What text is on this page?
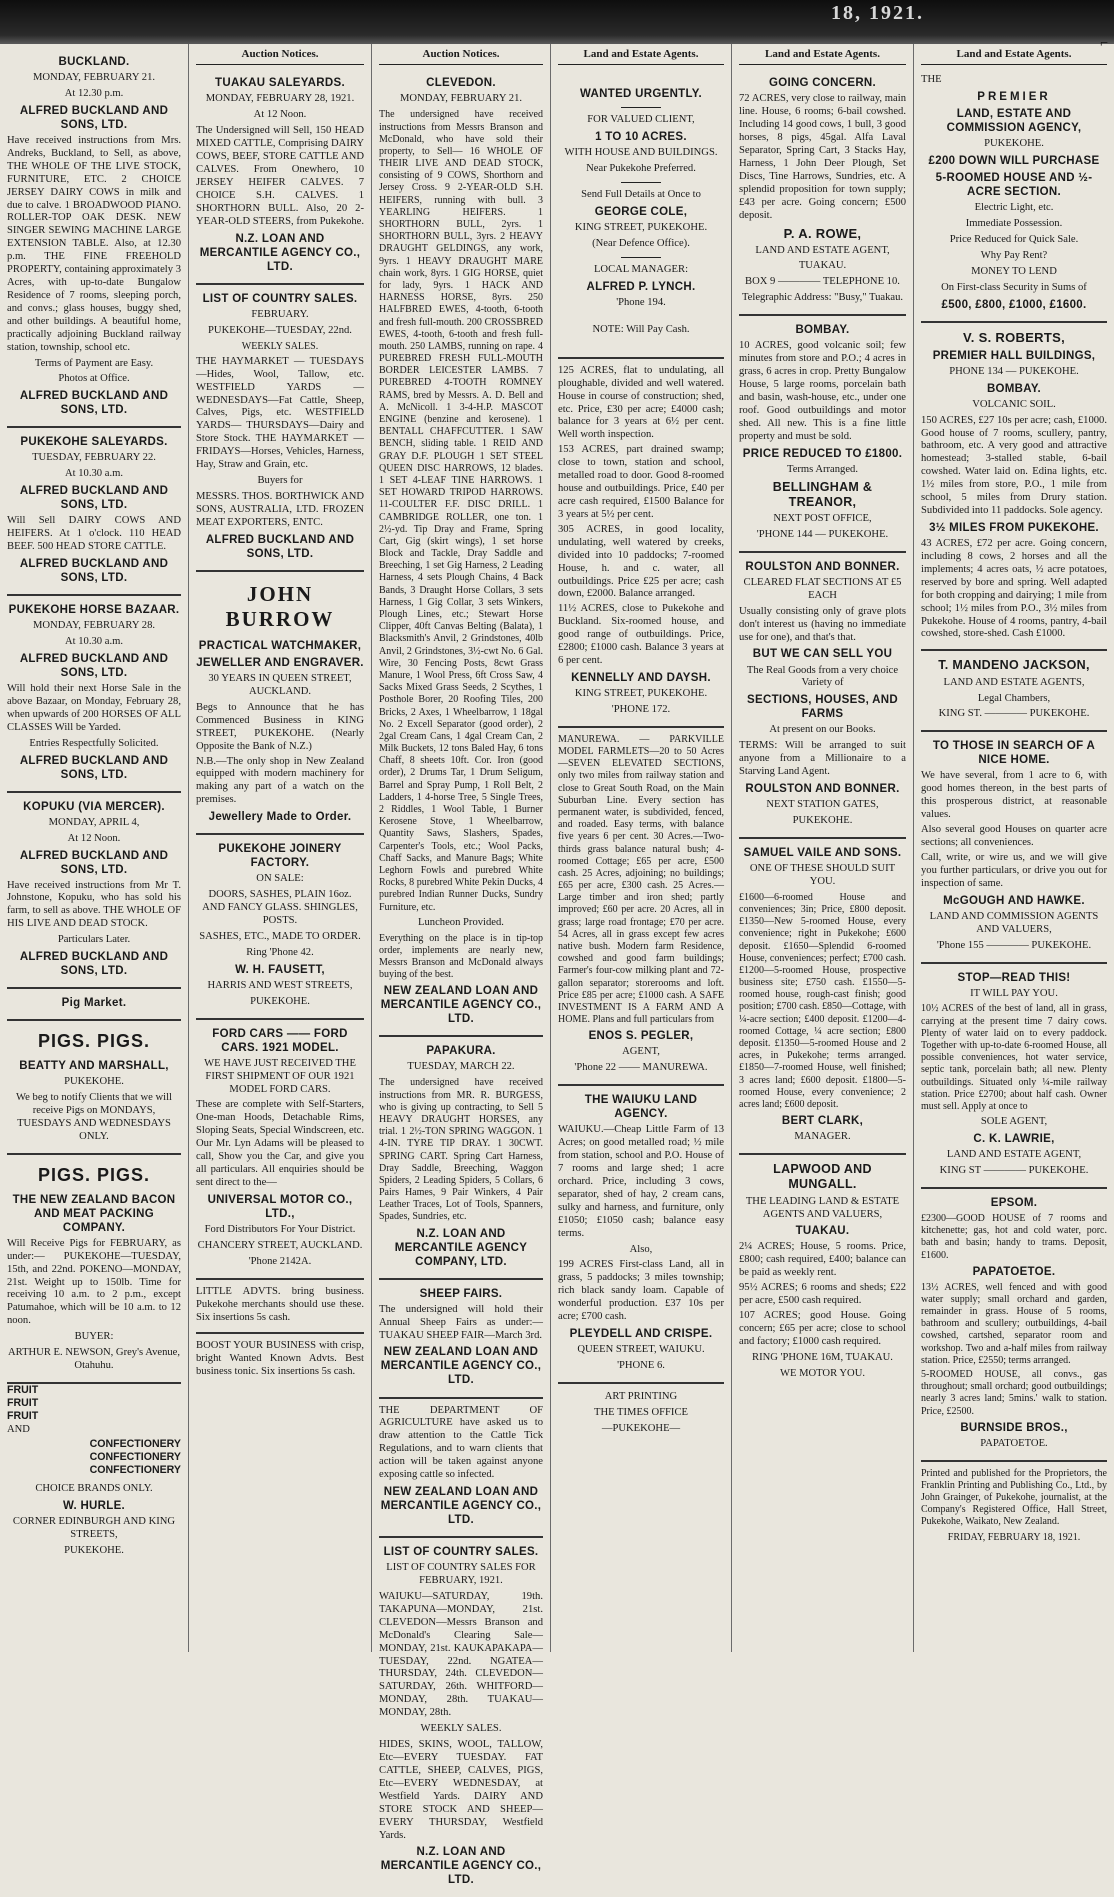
18, 1921.
BUCKLAND.
MONDAY, FEBRUARY 21.
At 12.30 p.m.
ALFRED BUCKLAND AND SONS, LTD.

Have received instructions from Mrs. Andreks, Buckland, to Sell, as above, THE WHOLE OF THE LIVE STOCK, FURNITURE, ETC. 2 CHOICE JERSEY DAIRY COWS in milk and due to calve. 1 BROADWOOD PIANO. ROLLER-TOP OAK DESK. NEW SINGER SEWING MACHINE LARGE EXTENSION TABLE. Also, at 12.30 p.m. THE FINE FREEHOLD PROPERTY, containing approximately 3 Acres, with up-to-date Bungalow Residence of 7 rooms, sleeping porch, and convs.; glass houses, buggy shed, and other buildings. A beautiful home, practically adjoining Buckland railway station, township, school etc.

Terms of Payment are Easy.
Photos at Office.
ALFRED BUCKLAND AND SONS, LTD.
PUKEKOHE SALEYARDS.
TUESDAY, FEBRUARY 22.
At 10.30 a.m.
ALFRED BUCKLAND AND SONS, LTD.

Will Sell DAIRY COWS AND HEIFERS. At 1 o'clock. 110 HEAD BEEF. 500 HEAD STORE CATTLE.

ALFRED BUCKLAND AND SONS, LTD.
PUKEKOHE HORSE BAZAAR.
MONDAY, FEBRUARY 28.
At 10.30 a.m.
ALFRED BUCKLAND AND SONS, LTD.

Will hold their next Horse Sale in the above Bazaar, on Monday, February 28, when upwards of 200 HORSES OF ALL CLASSES Will be Yarded.

Entries Respectfully Solicited.
ALFRED BUCKLAND AND SONS, LTD.
KOPUKU (VIA MERCER).
MONDAY, APRIL 4,
At 12 Noon.
ALFRED BUCKLAND AND SONS, LTD.

Have received instructions from Mr T. Johnstone, Kopuku, who has sold his farm, to sell as above. THE WHOLE OF HIS LIVE AND DEAD STOCK.

Particulars Later.
ALFRED BUCKLAND AND SONS, LTD.
Pig Market.
PIGS. PIGS.
BEATTY AND MARSHALL,
PUKEKOHE.

We beg to notify Clients that we will receive Pigs on MONDAYS, TUESDAYS AND WEDNESDAYS ONLY.

PIGS. PIGS.
THE NEW ZEALAND BACON AND MEAT PACKING COMPANY.

Will Receive Pigs for FEBRUARY, as under:— PUKEKOHE—TUESDAY, 15th, and 22nd. POKENO—MONDAY, 21st. Weight up to 150lb. Time for receiving 10 a.m. to 2 p.m., except Patumahoe, which will be 10 a.m. to 12 noon.

BUYER:
ARTHUR E. NEWSON, Grey's Avenue, Otahuhu.
FRUIT
FRUIT
FRUIT
AND
CONFECTIONERY
CONFECTIONERY
CONFECTIONERY
CHOICE BRANDS ONLY.
W. HURLE.
CORNER EDINBURGH AND KING STREETS,
PUKEKOHE.
Auction Notices.
TUAKAU SALEYARDS.
MONDAY, FEBRUARY 28, 1921.
At 12 Noon.

The Undersigned will Sell, 150 HEAD MIXED CATTLE, Comprising DAIRY COWS, BEEF, STORE CATTLE AND CALVES. From Onewhero, 10 JERSEY HEIFER CALVES. 7 CHOICE S.H. CALVES. 1 SHORTHORN BULL. Also, 20 2-YEAR-OLD STEERS, from Pukekohe.

N.Z. LOAN AND MERCANTILE AGENCY CO., LTD.
LIST OF COUNTRY SALES.
FEBRUARY.
PUKEKOHE—TUESDAY, 22nd.
WEEKLY SALES.

THE HAYMARKET — TUESDAYS—Hides, Wool, Tallow, etc. WESTFIELD YARDS — WEDNESDAYS—Fat Cattle, Sheep, Calves, Pigs, etc. WESTFIELD YARDS— THURSDAYS—Dairy and Store Stock. THE HAYMARKET — FRIDAYS—Horses, Vehicles, Harness, Hay, Straw and Grain, etc.

Buyers for

MESSRS. THOS. BORTHWICK AND SONS, AUSTRALIA, LTD. FROZEN MEAT EXPORTERS, ENTC.

ALFRED BUCKLAND AND SONS, LTD.
JOHN BURROW
PRACTICAL WATCHMAKER,
JEWELLER AND ENGRAVER.
30 YEARS IN QUEEN STREET, AUCKLAND.

Begs to Announce that he has Commenced Business in KING STREET, PUKEKOHE. (Nearly Opposite the Bank of N.Z.)

N.B.—The only shop in New Zealand equipped with modern machinery for making any part of a watch on the premises.

Jewellery Made to Order.
PUKEKOHE JOINERY FACTORY.
ON SALE:
DOORS, SASHES, PLAIN 16oz. AND FANCY GLASS. SHINGLES, POSTS.
SASHES, ETC., MADE TO ORDER.
Ring 'Phone 42.
W. H. FAUSETT,
HARRIS AND WEST STREETS,
PUKEKOHE.
FORD CARS —— FORD CARS. 1921 MODEL.
WE HAVE JUST RECEIVED THE FIRST SHIPMENT OF OUR 1921 MODEL FORD CARS.

These are complete with Self-Starters, One-man Hoods, Detachable Rims, Sloping Seats, Special Windscreen, etc. Our Mr. Lyn Adams will be pleased to call, Show you the Car, and give you all particulars. All enquiries should be sent direct to the—

UNIVERSAL MOTOR CO., LTD.,
Ford Distributors For Your District.
CHANCERY STREET, AUCKLAND.
'Phone 2142A.

LITTLE ADVTS. bring business. Pukekohe merchants should use these. Six insertions 5s cash.

BOOST YOUR BUSINESS with crisp, bright Wanted Known Advts. Best business tonic. Six insertions 5s cash.

Auction Notices.
CLEVEDON.
MONDAY, FEBRUARY 21.

The undersigned have received instructions from Messrs Branson and McDonald, who have sold their property, to Sell— 16 WHOLE OF THEIR LIVE AND DEAD STOCK, consisting of 9 COWS, Shorthorn and Jersey Cross. 9 2-YEAR-OLD S.H. HEIFERS, running with bull. 3 YEARLING HEIFERS. 1 SHORTHORN BULL, 2yrs. 1 SHORTHORN BULL, 3yrs. 2 HEAVY DRAUGHT GELDINGS, any work, 9yrs. 1 HEAVY DRAUGHT MARE chain work, 8yrs. 1 GIG HORSE, quiet for lady, 9yrs. 1 HACK AND HARNESS HORSE, 8yrs. 250 HALFBRED EWES, 4-tooth, 6-tooth and fresh full-mouth. 200 CROSSBRED EWES, 4-tooth, 6-tooth and fresh full-mouth. 250 LAMBS, running on rape. 4 PUREBRED FRESH FULL-MOUTH BORDER LEICESTER LAMBS. 7 PUREBRED 4-TOOTH ROMNEY RAMS, bred by Messrs. A. D. Bell and A. McNicoll. 1 3-4-H.P. MASCOT ENGINE (benzine and kerosene). 1 BENTALL CHAFFCUTTER. 1 SAW BENCH, sliding table. 1 REID AND GRAY D.F. PLOUGH 1 SET STEEL QUEEN DISC HARROWS, 12 blades. 1 SET 4-LEAF TINE HARROWS. 1 SET HOWARD TRIPOD HARROWS. 11-COULTER F.F. DISC DRILL. 1 CAMBRIDGE ROLLER, one ton. 1 2½-yd. Tip Dray and Frame, Spring Cart, Gig (skirt wings), 1 set horse Block and Tackle, Dray Saddle and Breeching, 1 set Gig Harness, 2 Leading Harness, 4 sets Plough Chains, 4 Back Bands, 3 Draught Horse Collars, 3 sets Harness, 1 Gig Collar, 3 sets Winkers, Plough Lines, etc.; Stewart Horse Clipper, 40ft Canvas Belting (Balata), 1 Blacksmith's Anvil, 2 Grindstones, 40lb Anvil, 2 Grindstones, 3½-cwt No. 6 Gal. Wire, 30 Fencing Posts, 8cwt Grass Manure, 1 Wool Press, 6ft Cross Saw, 4 Sacks Mixed Grass Seeds, 2 Scythes, 1 Posthole Borer, 20 Roofing Tiles, 200 Bricks, 2 Axes, 1 Wheelbarrow, 1 18gal No. 2 Excell Separator (good order), 2 2gal Cream Cans, 1 4gal Cream Can, 2 Milk Buckets, 12 tons Baled Hay, 6 tons Chaff, 8 sheets 10ft. Cor. Iron (good order), 2 Drums Tar, 1 Drum Seligum, Barrel and Spray Pump, 1 Roll Belt, 2 Ladders, 1 4-horse Tree, 5 Single Trees, 2 Riddles, 1 Wool Table, 1 Burner Kerosene Stove, 1 Wheelbarrow, Quantity Saws, Slashers, Spades, Carpenter's Tools, etc.; Wool Packs, Chaff Sacks, and Manure Bags; White Leghorn Fowls and purebred White Rocks, 8 purebred White Pekin Ducks, 4 purebred Indian Runner Ducks, Sundry Furniture, etc.

Luncheon Provided.

Everything on the place is in tip-top order, implements are nearly new, Messrs Branson and McDonald always buying of the best.

NEW ZEALAND LOAN AND MERCANTILE AGENCY CO., LTD.
PAPAKURA.
TUESDAY, MARCH 22.

The undersigned have received instructions from MR. R. BURGESS, who is giving up contracting, to Sell 5 HEAVY DRAUGHT HORSES, any trial. 1 2½-TON SPRING WAGGON. 1 4-IN. TYRE TIP DRAY. 1 30CWT. SPRING CART. Spring Cart Harness, Dray Saddle, Breeching, Waggon Spiders, 2 Leading Spiders, 5 Collars, 6 Pairs Hames, 9 Pair Winkers, 4 Pair Leather Traces, Lot of Tools, Spanners, Spades, Sundries, etc.

N.Z. LOAN AND MERCANTILE AGENCY COMPANY, LTD.
SHEEP FAIRS.

The undersigned will hold their Annual Sheep Fairs as under:— TUAKAU SHEEP FAIR—March 3rd.

NEW ZEALAND LOAN AND MERCANTILE AGENCY CO., LTD.

THE DEPARTMENT OF AGRICULTURE have asked us to draw attention to the Cattle Tick Regulations, and to warn clients that action will be taken against anyone exposing cattle so infected.

NEW ZEALAND LOAN AND MERCANTILE AGENCY CO., LTD.
LIST OF COUNTRY SALES.
LIST OF COUNTRY SALES FOR FEBRUARY, 1921.

WAIUKU—SATURDAY, 19th. TAKAPUNA—MONDAY, 21st. CLEVEDON—Messrs Branson and McDonald's Clearing Sale—MONDAY, 21st. KAUKAPAKAPA—TUESDAY, 22nd. NGATEA—THURSDAY, 24th. CLEVEDON—SATURDAY, 26th. WHITFORD—MONDAY, 28th. TUAKAU—MONDAY, 28th.

WEEKLY SALES.

HIDES, SKINS, WOOL, TALLOW, Etc—EVERY TUESDAY. FAT CATTLE, SHEEP, CALVES, PIGS, Etc—EVERY WEDNESDAY, at Westfield Yards. DAIRY AND STORE STOCK AND SHEEP—EVERY THURSDAY, Westfield Yards.

N.Z. LOAN AND MERCANTILE AGENCY CO., LTD.
Land and Estate Agents.
WANTED URGENTLY.
FOR VALUED CLIENT,
1 TO 10 ACRES.
WITH HOUSE AND BUILDINGS.
Near Pukekohe Preferred.
Send Full Details at Once to
GEORGE COLE,
KING STREET, PUKEKOHE.
(Near Defence Office).
LOCAL MANAGER:
ALFRED P. LYNCH.
'Phone 194.
NOTE: Will Pay Cash.

125 ACRES, flat to undulating, all ploughable, divided and well watered. House in course of construction; shed, etc. Price, £30 per acre; £4000 cash; balance for 3 years at 6½ per cent. Well worth inspection.

153 ACRES, part drained swamp; close to town, station and school, metalled road to door. Good 8-roomed house and outbuildings. Price, £40 per acre cash required, £1500 Balance for 3 years at 5½ per cent.

305 ACRES, in good locality, undulating, well watered by creeks, divided into 10 paddocks; 7-roomed House, h. and c. water, all outbuildings. Price £25 per acre; cash down, £2000. Balance arranged.

11½ ACRES, close to Pukekohe and Buckland. Six-roomed house, and good range of outbuildings. Price, £2800; £1000 cash. Balance 3 years at 6 per cent.

KENNELLY AND DAYSH.
KING STREET, PUKEKOHE.
'PHONE 172.

MANUREWA. — PARKVILLE MODEL FARMLETS—20 to 50 Acres —SEVEN ELEVATED SECTIONS, only two miles from railway station and close to Great South Road, on the Main Suburban Line. Every section has permanent water, is subdivided, fenced, and roaded. Easy terms, with balance five years 6 per cent. 30 Acres.—Two-thirds grass balance natural bush; 4-roomed Cottage; £65 per acre, £500 cash. 25 Acres, adjoining; no buildings; £65 per acre, £300 cash. 25 Acres.—Large timber and iron shed; partly improved; £60 per acre. 20 Acres, all in grass; large road frontage; £70 per acre. 54 Acres, all in grass except few acres native bush. Modern farm Residence, cowshed and good farm buildings; Farmer's four-cow milking plant and 72-gallon separator; storerooms and loft. Price £85 per acre; £1000 cash. A SAFE INVESTMENT IS A FARM AND A HOME. Plans and full particulars from

ENOS S. PEGLER,
AGENT,
'Phone 22 —— MANUREWA.
THE WAIUKU LAND AGENCY.

WAIUKU.—Cheap Little Farm of 13 Acres; on good metalled road; ½ mile from station, school and P.O. House of 7 rooms and large shed; 1 acre orchard. Price, including 3 cows, separator, shed of hay, 2 cream cans, sulky and harness, and furniture, only £1050; £1050 cash; balance easy terms.

Also,

199 ACRES First-class Land, all in grass, 5 paddocks; 3 miles township; rich black sandy loam. Capable of wonderful production. £37 10s per acre; £700 cash.

PLEYDELL AND CRISPE.
QUEEN STREET, WAIUKU.
'PHONE 6.
ART PRINTING
THE TIMES OFFICE
—PUKEKOHE—
Land and Estate Agents.
GOING CONCERN.

72 ACRES, very close to railway, main line. House, 6 rooms; 6-bail cowshed. Including 14 good cows, 1 bull, 3 good horses, 8 pigs, 45gal. Alfa Laval Separator, Spring Cart, 3 Stacks Hay, Harness, 1 John Deer Plough, Set Discs, Tine Harrows, Sundries, etc. A splendid proposition for town supply; £43 per acre. Going concern; £500 deposit.

P. A. ROWE,
LAND AND ESTATE AGENT,
TUAKAU.
BOX 9 ———— TELEPHONE 10.
Telegraphic Address: "Busy," Tuakau.
BOMBAY.

10 ACRES, good volcanic soil; few minutes from store and P.O.; 4 acres in grass, 6 acres in crop. Pretty Bungalow House, 5 large rooms, porcelain bath and basin, wash-house, etc., under one roof. Good outbuildings and motor shed. All new. This is a fine little property and must be sold.

PRICE REDUCED TO £1800.
Terms Arranged.
BELLINGHAM & TREANOR,
NEXT POST OFFICE,
'PHONE 144 — PUKEKOHE.
ROULSTON AND BONNER.
CLEARED FLAT SECTIONS AT £5 EACH

Usually consisting only of grave plots don't interest us (having no immediate use for one), and that's that.

BUT WE CAN SELL YOU
The Real Goods from a very choice Variety of
SECTIONS, HOUSES, AND FARMS
At present on our Books.

TERMS: Will be arranged to suit anyone from a Millionaire to a Starving Land Agent.

ROULSTON AND BONNER.
NEXT STATION GATES,
PUKEKOHE.
SAMUEL VAILE AND SONS.
ONE OF THESE SHOULD SUIT YOU.

£1600—6-roomed House and conveniences; 3in; Price, £800 deposit. £1350—New 5-roomed House, every convenience; right in Pukekohe; £600 deposit. £1650—Splendid 6-roomed House, conveniences; perfect; £700 cash. £1200—5-roomed House, prospective business site; £750 cash. £1550—5-roomed house, rough-cast finish; good position; £700 cash. £850—Cottage, with ¼-acre section; £400 deposit. £1200—4-roomed Cottage, ¼ acre section; £800 deposit. £1350—5-roomed House and 2 acres, in Pukekohe; terms arranged. £1850—7-roomed House, well finished; 3 acres land; £600 deposit. £1800—5-roomed House, every convenience; 2 acres land; £600 deposit.

BERT CLARK,
MANAGER.
LAPWOOD AND MUNGALL.
THE LEADING LAND & ESTATE AGENTS AND VALUERS,
TUAKAU.

2¼ ACRES; House, 5 rooms. Price, £800; cash required, £400; balance can be paid as weekly rent.

95½ ACRES; 6 rooms and sheds; £22 per acre, £500 cash required.

107 ACRES; good House. Going concern; £65 per acre; close to school and factory; £1000 cash required.

RING 'PHONE 16M, TUAKAU.
WE MOTOR YOU.
Land and Estate Agents.
THE
PREMIER
LAND, ESTATE AND COMMISSION AGENCY,
PUKEKOHE.
£200 DOWN WILL PURCHASE
5-ROOMED HOUSE AND ½-ACRE SECTION.
Electric Light, etc.
Immediate Possession.
Price Reduced for Quick Sale.
Why Pay Rent?
MONEY TO LEND
On First-class Security in Sums of
£500, £800, £1000, £1600.
V. S. ROBERTS,
PREMIER HALL BUILDINGS,
PHONE 134 — PUKEKOHE.
BOMBAY.
VOLCANIC SOIL.

150 ACRES, £27 10s per acre; cash, £1000. Good house of 7 rooms, scullery, pantry, bathroom, etc. A very good and attractive homestead; 3-stalled stable, 6-bail cowshed. Water laid on. Edina lights, etc. 1½ miles from store, P.O., 1 mile from school, 5 miles from Drury station. Subdivided into 11 paddocks. Sole agency.

3½ MILES FROM PUKEKOHE.

43 ACRES, £72 per acre. Going concern, including 8 cows, 2 horses and all the implements; 4 acres oats, ½ acre potatoes, reserved by bore and spring. Well adapted for both cropping and dairying; 1 mile from school; 1½ miles from P.O., 3½ miles from Pukekohe. House of 4 rooms, pantry, 4-bail cowshed, store-shed. Cash £1000.

T. MANDENO JACKSON,
LAND AND ESTATE AGENTS,
Legal Chambers,
KING ST. ———— PUKEKOHE.
TO THOSE IN SEARCH OF A NICE HOME.

We have several, from 1 acre to 6, with good homes thereon, in the best parts of this prosperous district, at reasonable values.

Also several good Houses on quarter acre sections; all conveniences.

Call, write, or wire us, and we will give you further particulars, or drive you out for inspection of same.

McGOUGH AND HAWKE.
LAND AND COMMISSION AGENTS AND VALUERS,
'Phone 155 ———— PUKEKOHE.
STOP—READ THIS!
IT WILL PAY YOU.

10½ ACRES of the best of land, all in grass, carrying at the present time 7 dairy cows. Plenty of water laid on to every paddock. Together with up-to-date 6-roomed House, all possible conveniences, hot water service, septic tank, porcelain bath; all new. Plenty outbuildings. Situated only ¼-mile railway station. Price £2700; about half cash. Owner must sell. Apply at once to

SOLE AGENT,
C. K. LAWRIE,
LAND AND ESTATE AGENT,
KING ST ———— PUKEKOHE.
EPSOM.

£2300—GOOD HOUSE of 7 rooms and kitchenette; gas, hot and cold water, porc. bath and basin; handy to trams. Deposit, £1600.

PAPATOETOE.

13½ ACRES, well fenced and with good water supply; small orchard and garden, remainder in grass. House of 5 rooms, bathroom and scullery; outbuildings, 4-bail cowshed, cartshed, separator room and workshop. Two and a-half miles from railway station. Price, £2550; terms arranged.

5-ROOMED HOUSE, all convs., gas throughout; small orchard; good outbuildings; nearly 3 acres land; 5mins.' walk to station. Price, £2500.

BURNSIDE BROS.,
PAPATOETOE.

Printed and published for the Proprietors, the Franklin Printing and Publishing Co., Ltd., by John Grainger, of Pukekohe, journalist, at the Company's Registered Office, Hall Street, Pukekohe, Waikato, New Zealand.

FRIDAY, FEBRUARY 18, 1921.
⌐
